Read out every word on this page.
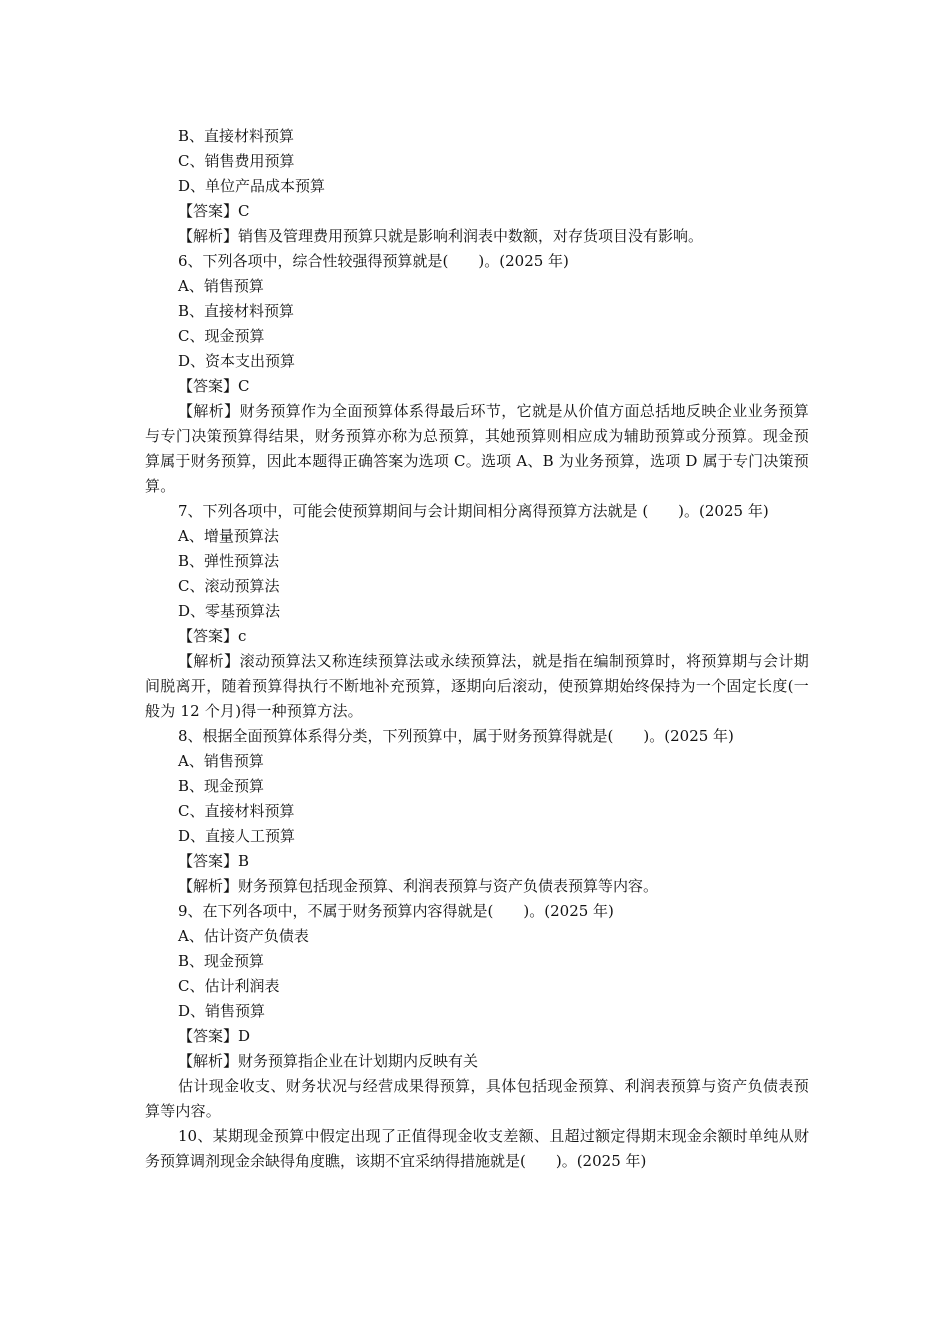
B、直接材料预算
C、销售费用预算
D、单位产品成本预算
【答案】C
【解析】销售及管理费用预算只就是影响利润表中数额，对存货项目没有影响。
6、下列各项中，综合性较强得预算就是(　　)。(2025 年)
A、销售预算
B、直接材料预算
C、现金预算
D、资本支出预算
【答案】C
【解析】财务预算作为全面预算体系得最后环节，它就是从价值方面总括地反映企业业务预算与专门决策预算得结果，财务预算亦称为总预算，其她预算则相应成为辅助预算或分预算。现金预算属于财务预算，因此本题得正确答案为选项 C。选项 A、B 为业务预算，选项 D 属于专门决策预算。
7、下列各项中，可能会使预算期间与会计期间相分离得预算方法就是 (　　)。(2025 年)
A、增量预算法
B、弹性预算法
C、滚动预算法
D、零基预算法
【答案】c
【解析】滚动预算法又称连续预算法或永续预算法，就是指在编制预算时，将预算期与会计期间脱离开，随着预算得执行不断地补充预算，逐期向后滚动，使预算期始终保持为一个固定长度(一般为 12 个月)得一种预算方法。
8、根据全面预算体系得分类，下列预算中，属于财务预算得就是(　　)。(2025 年)
A、销售预算
B、现金预算
C、直接材料预算
D、直接人工预算
【答案】B
【解析】财务预算包括现金预算、利润表预算与资产负债表预算等内容。
9、在下列各项中，不属于财务预算内容得就是(　　)。(2025 年)
A、估计资产负债表
B、现金预算
C、估计利润表
D、销售预算
【答案】D
【解析】财务预算指企业在计划期内反映有关
估计现金收支、财务状况与经营成果得预算，具体包括现金预算、利润表预算与资产负债表预算等内容。
10、某期现金预算中假定出现了正值得现金收支差额、且超过额定得期末现金余额时单纯从财务预算调剂现金余缺得角度瞧，该期不宜采纳得措施就是(　　)。(2025 年)
